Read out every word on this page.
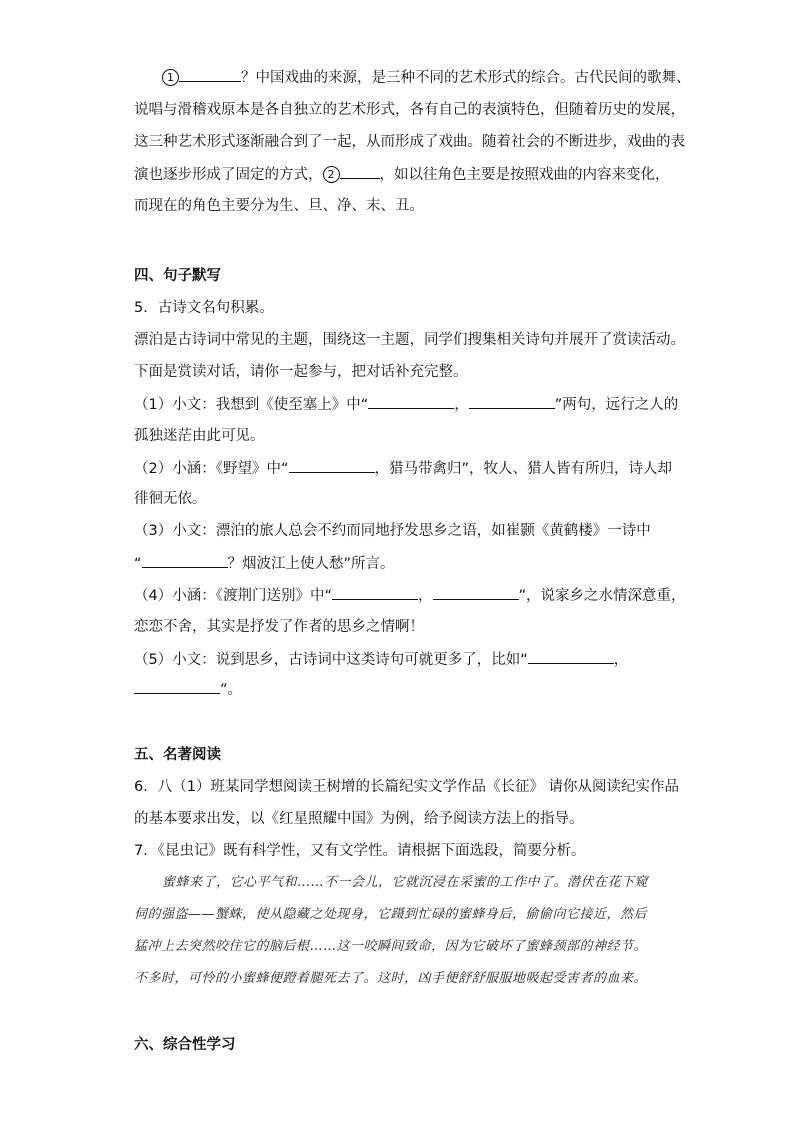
1	？中国戏曲的来源，是三种不同的艺术形式的综合。古代民间的歌舞、
说唱与滑稽戏原本是各自独立的艺术形式，各有自己的表演特色，但随着历史的发展，
这三种艺术形式逐渐融合到了一起，从而形成了戏曲。随着社会的不断进步，戏曲的表
演也逐步形成了固定的方式， 2	，如以往角色主要是按照戏曲的内容来变化，
而现在的角色主要分为生、旦、净、末、丑。
四、句子默写
5．古诗文名句积累。
漂泊是古诗词中常见的主题，围绕这一主题，同学们搜集相关诗句并展开了赏读活动。
下面是赏读对话，请你一起参与，把对话补充完整。
（1）小文：我想到《使至塞上》中“	，	”两句，远行之人的
孤独迷茫由此可见。
（2）小涵：《野望》中“	，猎马带禽归”，牧人、猎人皆有所归，诗人却
徘徊无依。
（3）小文：漂泊的旅人总会不约而同地抒发思乡之语，如崔颢《黄鹤楼》一诗中
“	？烟波江上使人愁”所言。
（4）小涵：《渡荆门送别》中“	，	”，说家乡之水情深意重，
恋恋不舍，其实是抒发了作者的思乡之情啊！
（5）小文：说到思乡，古诗词中这类诗句可就更多了，比如“	，
”。
五、名著阅读
6．八（1）班某同学想阅读王树增的长篇纪实文学作品《长征》 请你从阅读纪实作品
的基本要求出发，以《红星照耀中国》为例，给予阅读方法上的指导。
7．《昆虫记》既有科学性，又有文学性。请根据下面选段，简要分析。
蜜蜂来了，它心平气和……不一会儿，它就沉浸在采蜜的工作中了。潜伏在花下窥
伺的强盗——蟹蛛，使从隐藏之处现身，它蹑到忙碌的蜜蜂身后，偷偷向它接近，然后
猛冲上去突然咬住它的脑后根……这一咬瞬间致命，因为它破坏了蜜蜂颈部的神经节。
不多时，可怜的小蜜蜂便蹬着腿死去了。这时，凶手便舒舒服服地吸起受害者的血来。
六、综合性学习
